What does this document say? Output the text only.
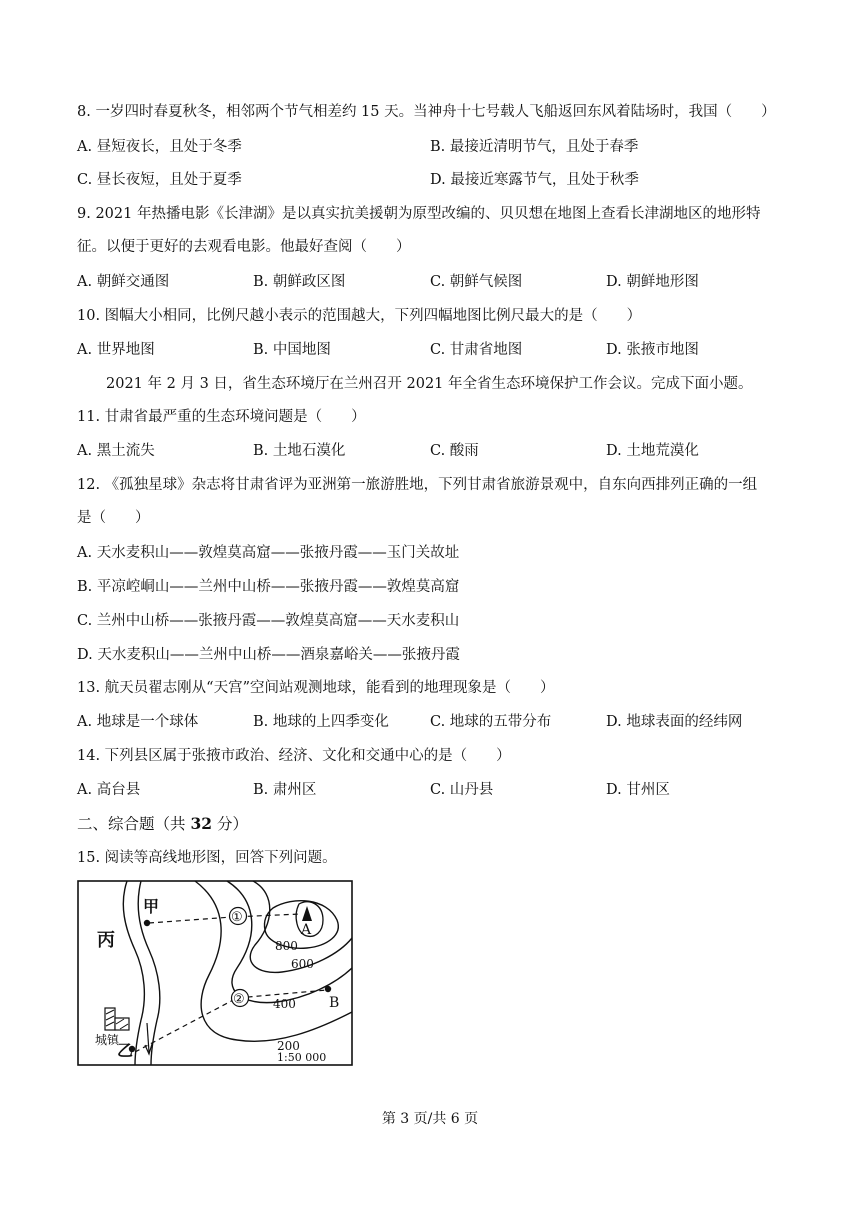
8. 一岁四时春夏秋冬，相邻两个节气相差约 15 天。当神舟十七号载人飞船返回东风着陆场时，我国（　　）
A. 昼短夜长，且处于冬季	B. 最接近清明节气，且处于春季
C. 昼长夜短，且处于夏季	D. 最接近寒露节气，且处于秋季
9. 2021 年热播电影《长津湖》是以真实抗美援朝为原型改编的、贝贝想在地图上查看长津湖地区的地形特
征。以便于更好的去观看电影。他最好查阅（　　）
A. 朝鲜交通图	B. 朝鲜政区图	C. 朝鲜气候图	D. 朝鲜地形图
10. 图幅大小相同，比例尺越小表示的范围越大，下列四幅地图比例尺最大的是（　　）
A. 世界地图	B. 中国地图	C. 甘肃省地图	D. 张掖市地图
2021 年 2 月 3 日，省生态环境厅在兰州召开 2021 年全省生态环境保护工作会议。完成下面小题。
11. 甘肃省最严重的生态环境问题是（　　）
A. 黑土流失	B. 土地石漠化	C. 酸雨	D. 土地荒漠化
12. 《孤独星球》杂志将甘肃省评为亚洲第一旅游胜地，下列甘肃省旅游景观中，自东向西排列正确的一组
是（　　）
A. 天水麦积山——敦煌莫高窟——张掖丹霞——玉门关故址
B. 平凉崆峒山——兰州中山桥——张掖丹霞——敦煌莫高窟
C. 兰州中山桥——张掖丹霞——敦煌莫高窟——天水麦积山
D. 天水麦积山——兰州中山桥——酒泉嘉峪关——张掖丹霞
13. 航天员翟志刚从“天宫”空间站观测地球，能看到的地理现象是（　　）
A. 地球是一个球体	B. 地球的上四季变化	C. 地球的五带分布	D. 地球表面的经纬网
14. 下列县区属于张掖市政治、经济、文化和交通中心的是（　　）
A. 高台县	B. 肃州区	C. 山丹县	D. 甘州区
二、综合题（共 32 分）
15. 阅读等高线地形图，回答下列问题。
甲
丙
乙
城镇
①
②
A
B
800
600
400
200
1:50 000
第 3 页/共 6 页
